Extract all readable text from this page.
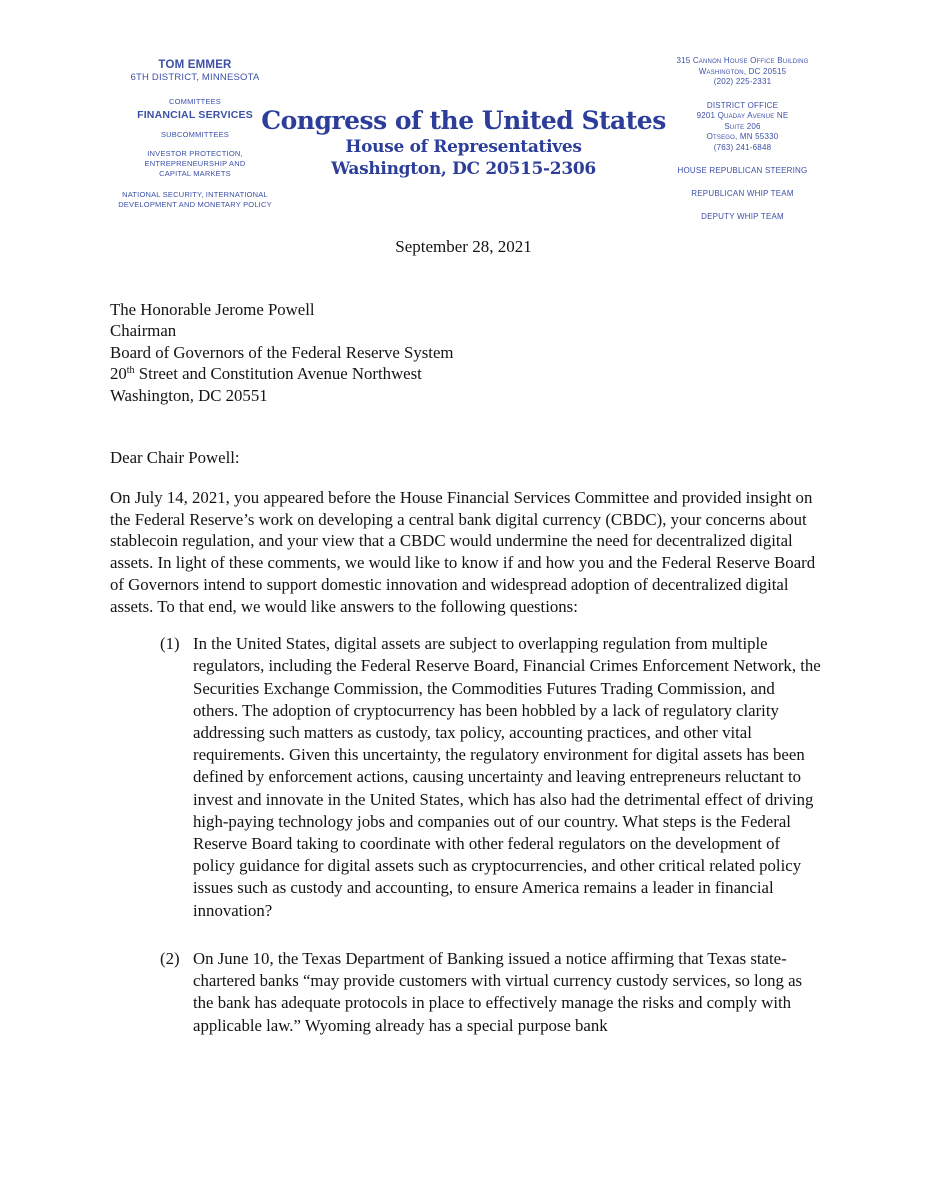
TOM EMMER
6TH DISTRICT, MINNESOTA
COMMITTEES
FINANCIAL SERVICES
SUBCOMMITTEES
INVESTOR PROTECTION,
ENTREPRENEURSHIP AND
CAPITAL MARKETS
NATIONAL SECURITY, INTERNATIONAL
DEVELOPMENT AND MONETARY POLICY
Congress of the United States
House of Representatives
Washington, DC 20515-2306
315 Cannon House Office Building
Washington, DC 20515
(202) 225-2331
DISTRICT OFFICE
9201 Quaday Avenue NE
Suite 206
Otsego, MN 55330
(763) 241-6848
HOUSE REPUBLICAN STEERING
REPUBLICAN WHIP TEAM
DEPUTY WHIP TEAM
September 28, 2021
The Honorable Jerome Powell
Chairman
Board of Governors of the Federal Reserve System
20th Street and Constitution Avenue Northwest
Washington, DC 20551
Dear Chair Powell:
On July 14, 2021, you appeared before the House Financial Services Committee and provided insight on the Federal Reserve’s work on developing a central bank digital currency (CBDC), your concerns about stablecoin regulation, and your view that a CBDC would undermine the need for decentralized digital assets. In light of these comments, we would like to know if and how you and the Federal Reserve Board of Governors intend to support domestic innovation and widespread adoption of decentralized digital assets. To that end, we would like answers to the following questions:
(1) In the United States, digital assets are subject to overlapping regulation from multiple regulators, including the Federal Reserve Board, Financial Crimes Enforcement Network, the Securities Exchange Commission, the Commodities Futures Trading Commission, and others. The adoption of cryptocurrency has been hobbled by a lack of regulatory clarity addressing such matters as custody, tax policy, accounting practices, and other vital requirements. Given this uncertainty, the regulatory environment for digital assets has been defined by enforcement actions, causing uncertainty and leaving entrepreneurs reluctant to invest and innovate in the United States, which has also had the detrimental effect of driving high-paying technology jobs and companies out of our country. What steps is the Federal Reserve Board taking to coordinate with other federal regulators on the development of policy guidance for digital assets such as cryptocurrencies, and other critical related policy issues such as custody and accounting, to ensure America remains a leader in financial innovation?
(2) On June 10, the Texas Department of Banking issued a notice affirming that Texas state-chartered banks “may provide customers with virtual currency custody services, so long as the bank has adequate protocols in place to effectively manage the risks and comply with applicable law.” Wyoming already has a special purpose bank
